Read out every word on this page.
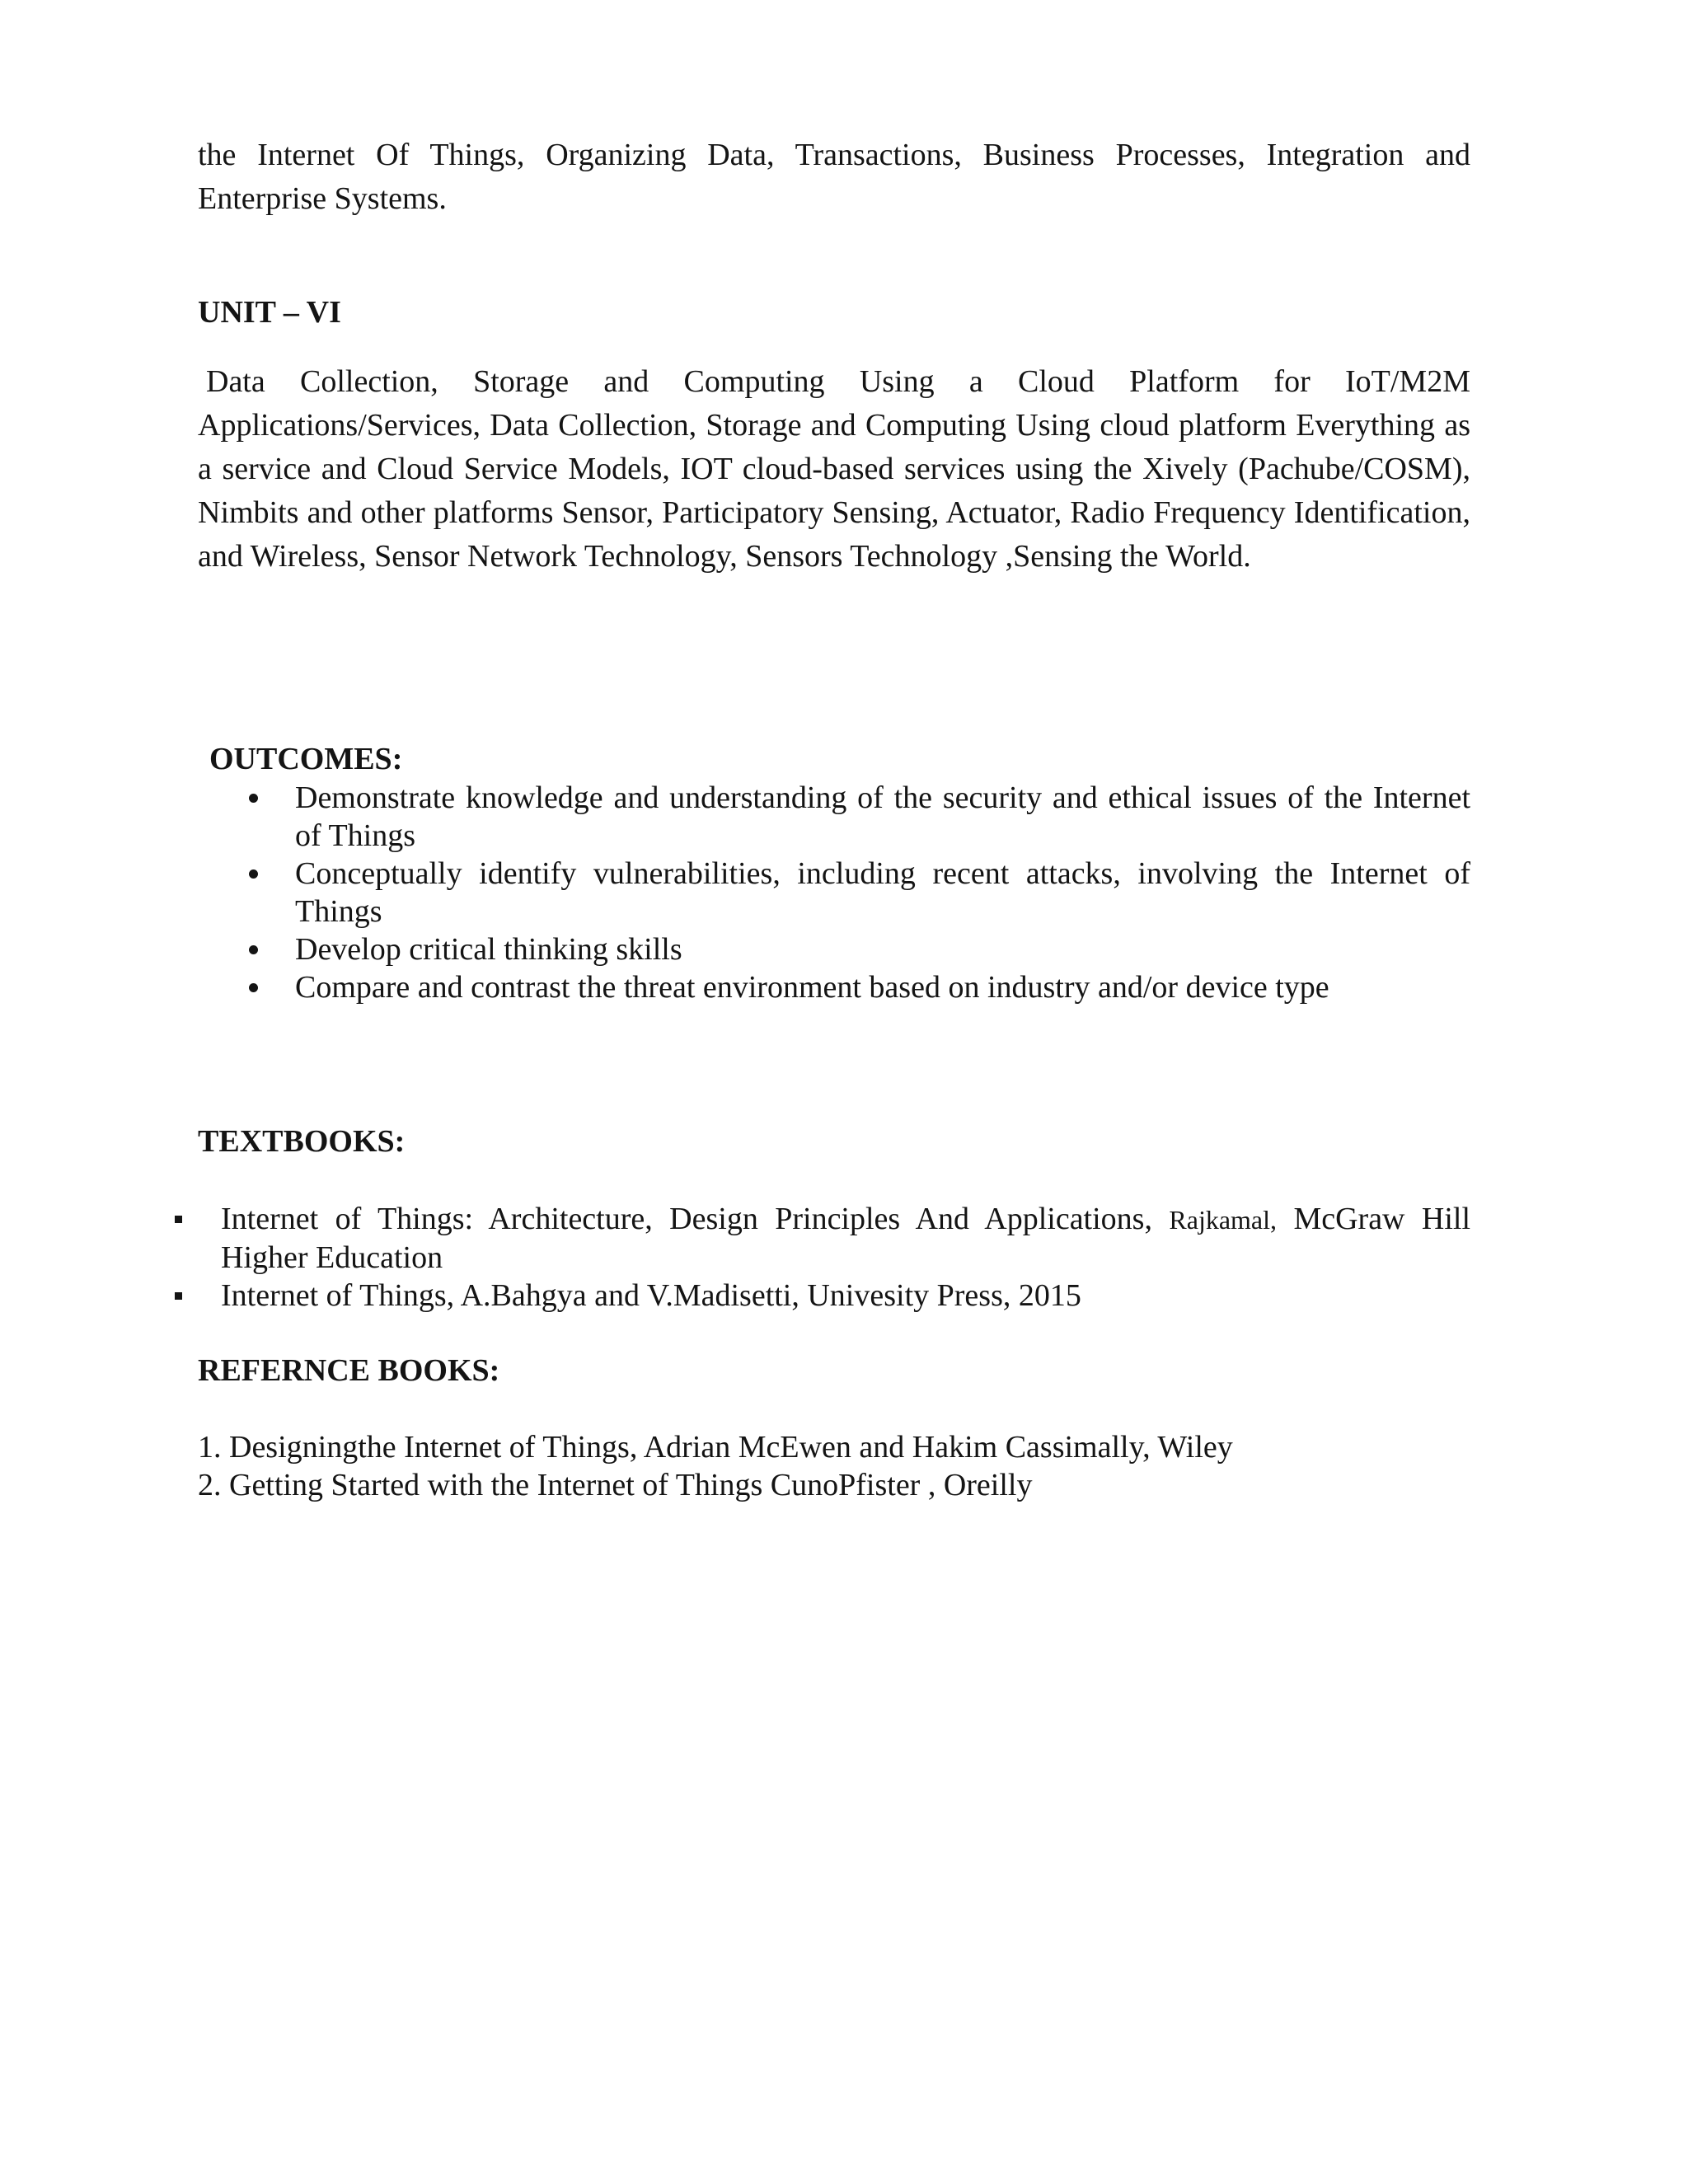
the Internet Of Things, Organizing Data, Transactions, Business Processes, Integration and Enterprise Systems.

UNIT – VI

Data Collection, Storage and Computing Using a Cloud Platform for IoT/M2M Applications/Services, Data Collection, Storage and Computing Using cloud platform Everything as a service and Cloud Service Models, IOT cloud-based services using the Xively (Pachube/COSM), Nimbits and other platforms Sensor, Participatory Sensing, Actuator, Radio Frequency Identification, and Wireless, Sensor Network Technology, Sensors Technology ,Sensing the World.

OUTCOMES:
Demonstrate knowledge and understanding of the security and ethical issues of the Internet of Things
Conceptually identify vulnerabilities, including recent attacks, involving the Internet of Things
Develop critical thinking skills
Compare and contrast the threat environment based on industry and/or device type
TEXTBOOKS:
Internet of Things: Architecture, Design Principles And Applications, Rajkamal, McGraw Hill Higher Education
Internet of Things, A.Bahgya and V.Madisetti, Univesity Press, 2015
REFERNCE BOOKS:
1. Designingthe Internet of Things, Adrian McEwen and Hakim Cassimally, Wiley
2. Getting Started with the Internet of Things CunoPfister , Oreilly
